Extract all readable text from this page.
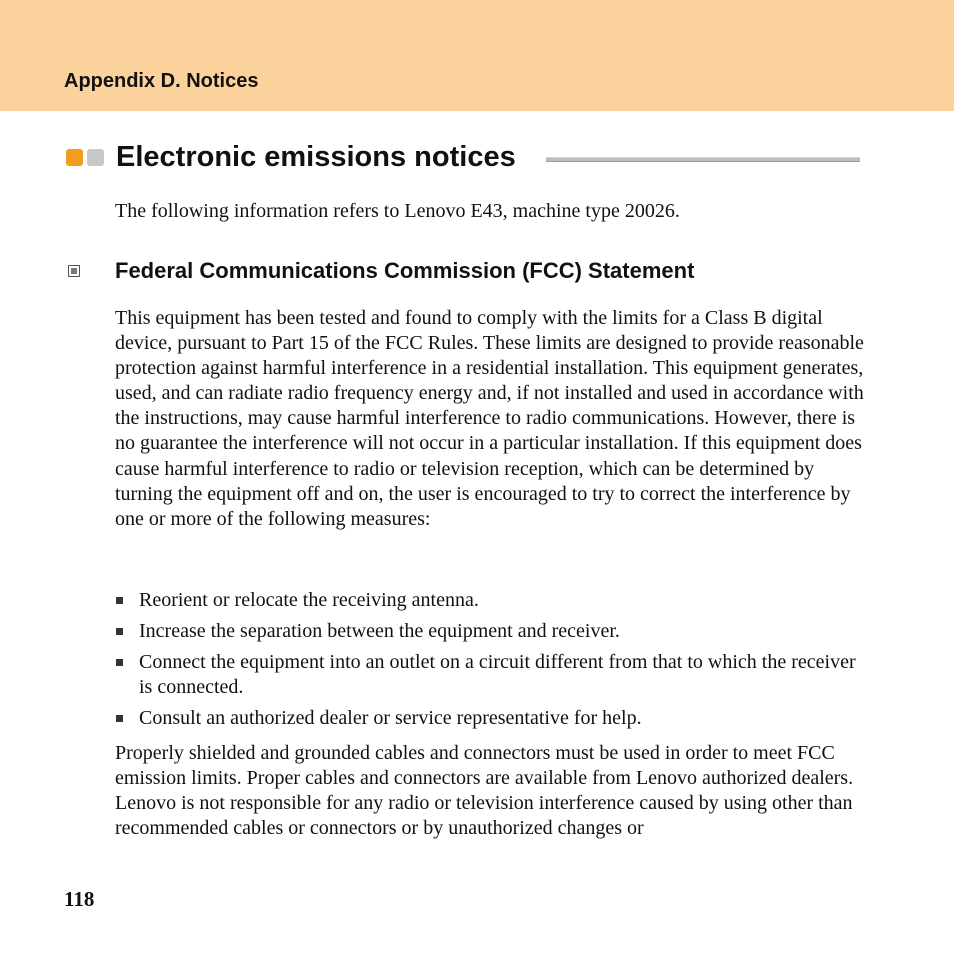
Appendix D. Notices
Electronic emissions notices
The following information refers to Lenovo E43, machine type 20026.
Federal Communications Commission (FCC) Statement
This equipment has been tested and found to comply with the limits for a Class B digital device, pursuant to Part 15 of the FCC Rules. These limits are designed to provide reasonable protection against harmful interference in a residential installation. This equipment generates, used, and can radiate radio frequency energy and, if not installed and used in accordance with the instructions, may cause harmful interference to radio communications. However, there is no guarantee the interference will not occur in a particular installation. If this equipment does cause harmful interference to radio or television reception, which can be determined by turning the equipment off and on, the user is encouraged to try to correct the interference by one or more of the following measures:
Reorient or relocate the receiving antenna.
Increase the separation between the equipment and receiver.
Connect the equipment into an outlet on a circuit different from that to which the receiver is connected.
Consult an authorized dealer or service representative for help.
Properly shielded and grounded cables and connectors must be used in order to meet FCC emission limits. Proper cables and connectors are available from Lenovo authorized dealers. Lenovo is not responsible for any radio or television interference caused by using other than recommended cables or connectors or by unauthorized changes or
118
